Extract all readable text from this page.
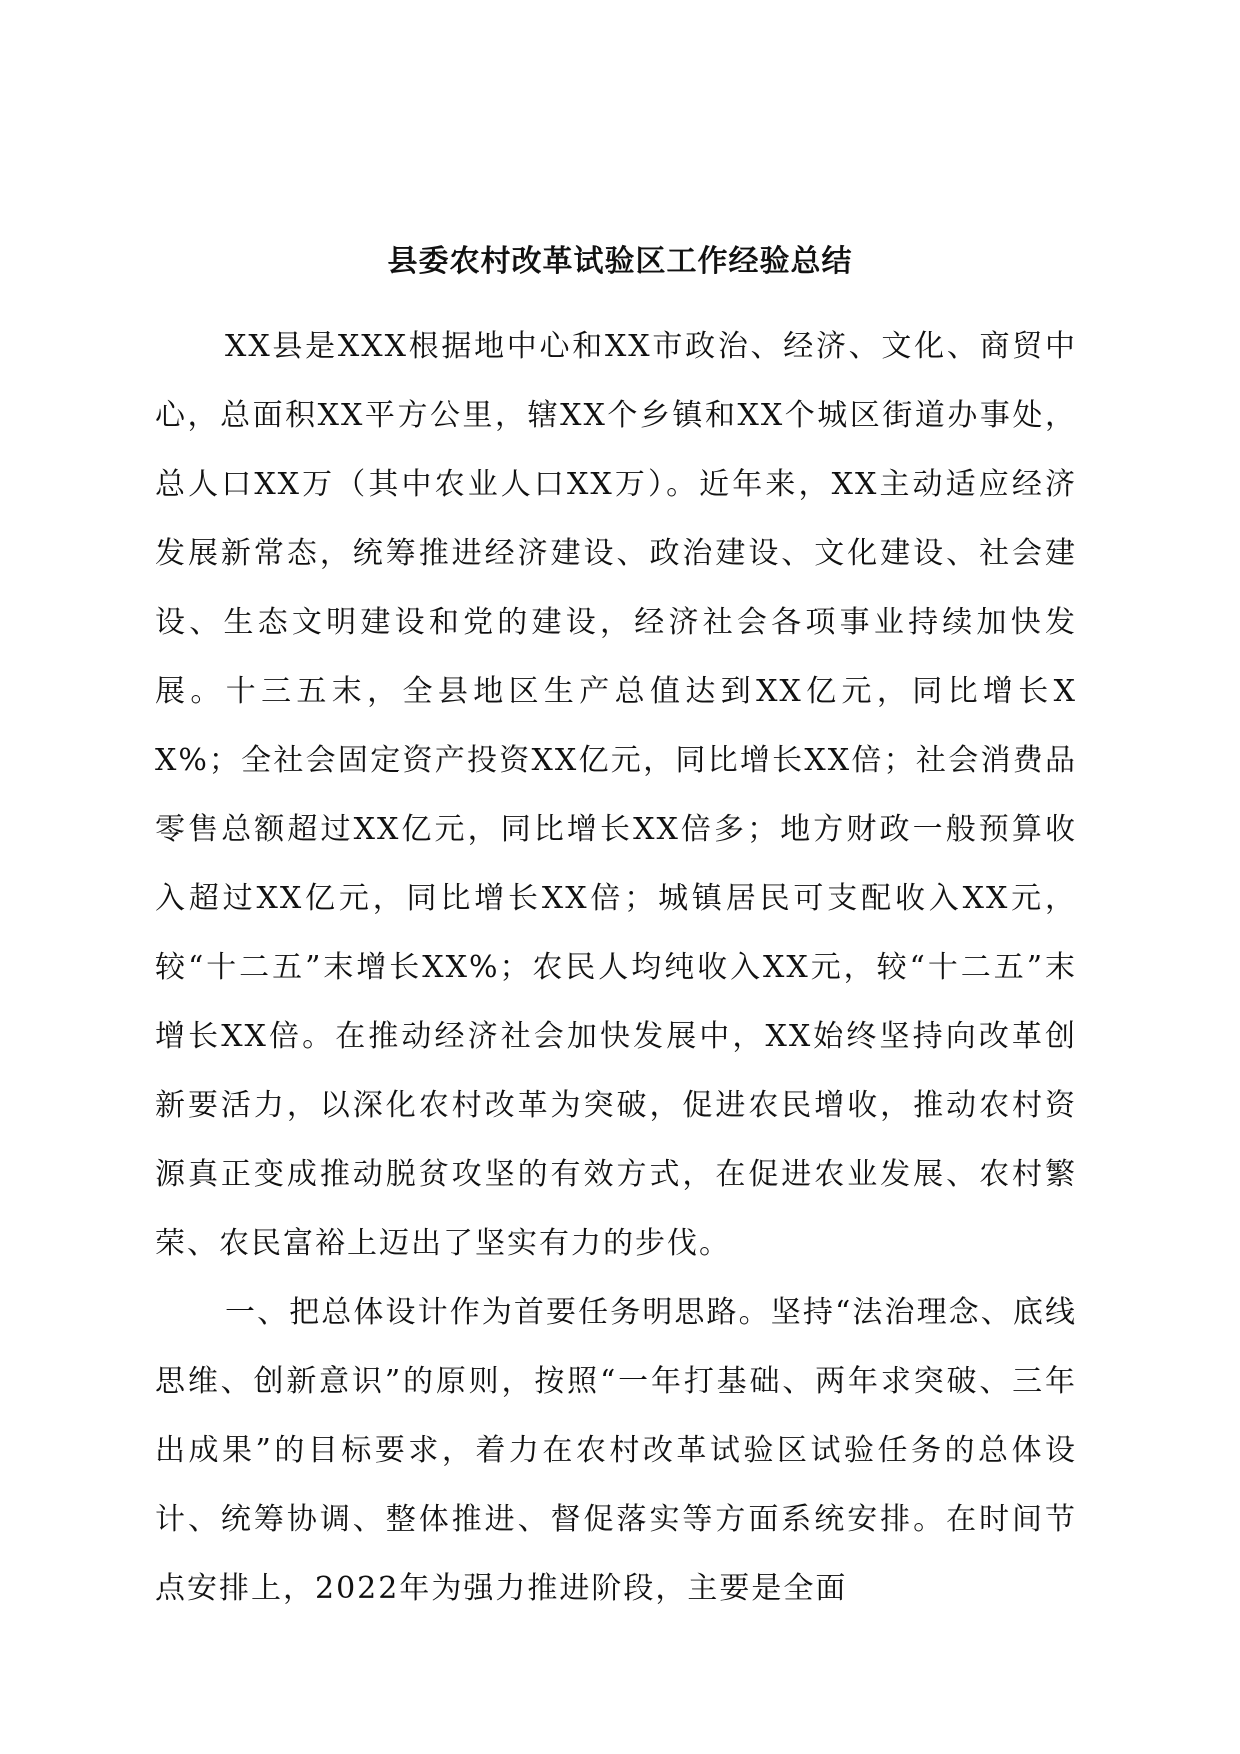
县委农村改革试验区工作经验总结

XX县是XXX根据地中心和XX市政治、经济、文化、商贸中心，总面积XX平方公里，辖XX个乡镇和XX个城区街道办事处，总人口XX万（其中农业人口XX万）。近年来，XX主动适应经济发展新常态，统筹推进经济建设、政治建设、文化建设、社会建设、生态文明建设和党的建设，经济社会各项事业持续加快发展。十三五末，全县地区生产总值达到XX亿元，同比增长XX%；全社会固定资产投资XX亿元，同比增长XX倍；社会消费品零售总额超过XX亿元，同比增长XX倍多；地方财政一般预算收入超过XX亿元，同比增长XX倍；城镇居民可支配收入XX元，较“十二五”末增长XX%；农民人均纯收入XX元，较“十二五”末增长XX倍。在推动经济社会加快发展中，XX始终坚持向改革创新要活力，以深化农村改革为突破，促进农民增收，推动农村资源真正变成推动脱贫攻坚的有效方式，在促进农业发展、农村繁荣、农民富裕上迈出了坚实有力的步伐。

一、把总体设计作为首要任务明思路。坚持“法治理念、底线思维、创新意识”的原则，按照“一年打基础、两年求突破、三年出成果”的目标要求，着力在农村改革试验区试验任务的总体设计、统筹协调、整体推进、督促落实等方面系统安排。在时间节点安排上，2022年为强力推进阶段，主要是全面
